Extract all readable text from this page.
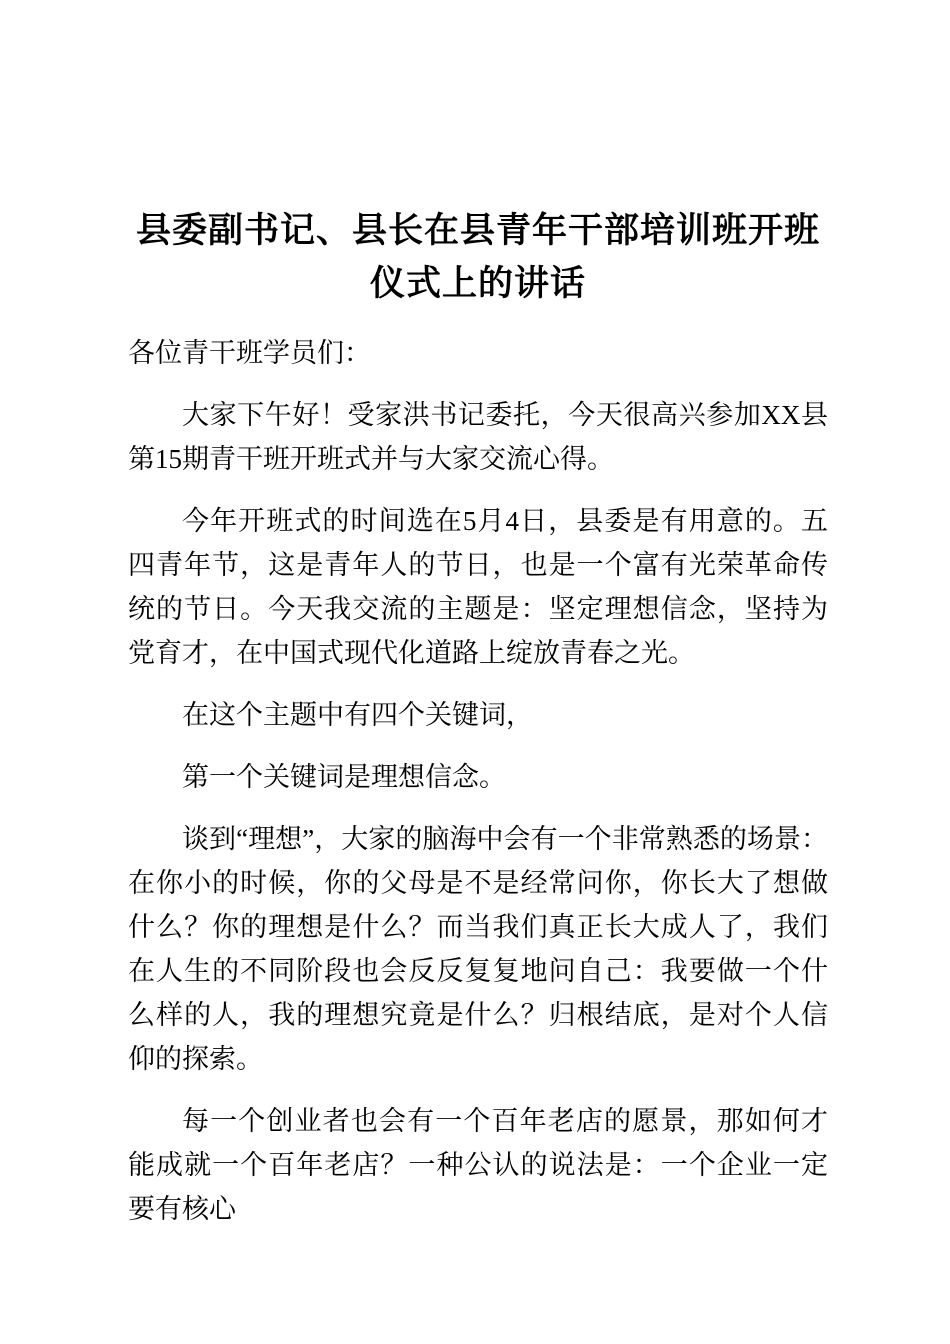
县委副书记、县长在县青年干部培训班开班仪式上的讲话

各位青干班学员们：

大家下午好！受家洪书记委托，今天很高兴参加XX县第15期青干班开班式并与大家交流心得。

今年开班式的时间选在5月4日，县委是有用意的。五四青年节，这是青年人的节日，也是一个富有光荣革命传统的节日。今天我交流的主题是：坚定理想信念，坚持为党育才，在中国式现代化道路上绽放青春之光。

在这个主题中有四个关键词，

第一个关键词是理想信念。

谈到“理想”，大家的脑海中会有一个非常熟悉的场景：在你小的时候，你的父母是不是经常问你，你长大了想做什么？你的理想是什么？而当我们真正长大成人了，我们在人生的不同阶段也会反反复复地问自己：我要做一个什么样的人，我的理想究竟是什么？归根结底，是对个人信仰的探索。

每一个创业者也会有一个百年老店的愿景，那如何才能成就一个百年老店？一种公认的说法是：一个企业一定要有核心
